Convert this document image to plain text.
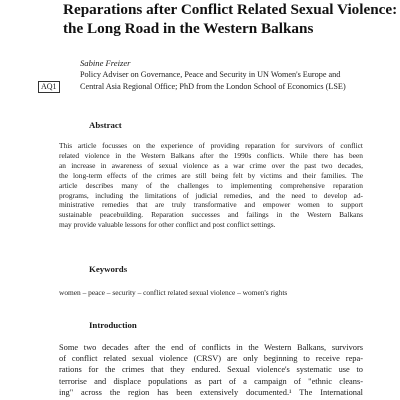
Reparations after Conflict Related Sexual Violence:
the Long Road in the Western Balkans
Sabine Freizer
Policy Adviser on Governance, Peace and Security in UN Women's Europe and
Central Asia Regional Office; PhD from the London School of Economics (LSE)
AQ1
Abstract
This article focusses on the experience of providing reparation for survivors of conflict
related violence in the Western Balkans after the 1990s conflicts. While there has been
an increase in awareness of sexual violence as a war crime over the past two decades,
the long-term effects of the crimes are still being felt by victims and their families. The
article describes many of the challenges to implementing comprehensive reparation
programs, including the limitations of judicial remedies, and the need to develop ad-
ministrative remedies that are truly transformative and empower women to support
sustainable peacebuilding. Reparation successes and failings in the Western Balkans
may provide valuable lessons for other conflict and post conflict settings.
Keywords
women – peace – security – conflict related sexual violence – women's rights
Introduction
Some two decades after the end of conflicts in the Western Balkans, survivors
of conflict related sexual violence (CRSV) are only beginning to receive repa-
rations for the crimes that they endured. Sexual violence's systematic use to
terrorise and displace populations as part of a campaign of "ethnic cleans-
ing" across the region has been extensively documented.¹ The International
